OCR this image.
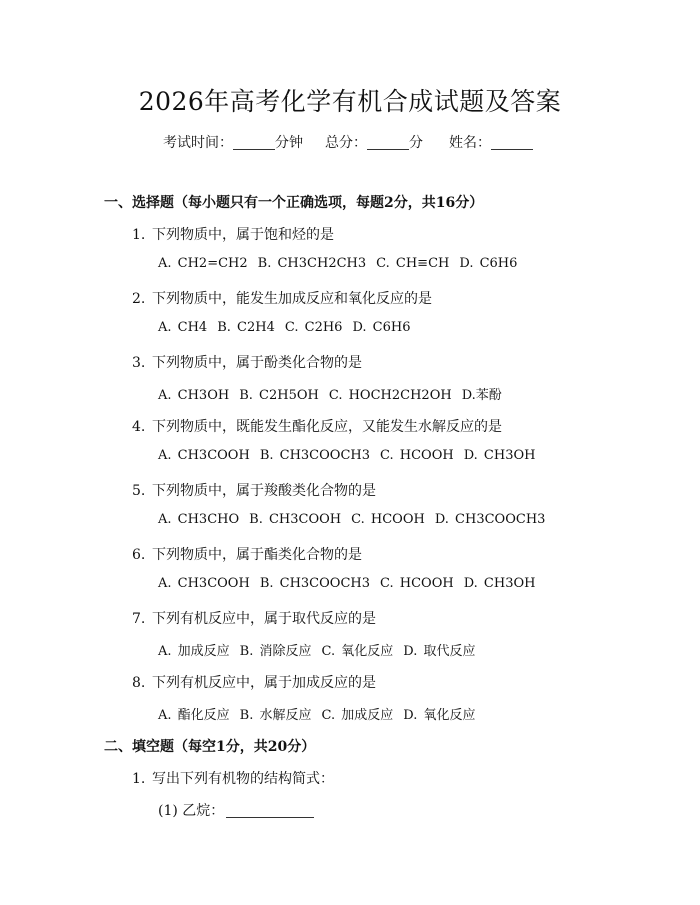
2026年高考化学有机合成试题及答案
考试时间：	分钟 总分：	分 姓名：
一、选择题（每小题只有一个正确选项，每题2分，共16分）
1. 下列物质中，属于饱和烃的是
A. CH2=CH2 B. CH3CH2CH3 C. CH≡CH D. C6H6
2. 下列物质中，能发生加成反应和氧化反应的是
A. CH4 B. C2H4 C. C2H6 D. C6H6
3. 下列物质中，属于酚类化合物的是
A. CH3OH B. C2H5OH C. HOCH2CH2OH D.苯酚
4. 下列物质中，既能发生酯化反应，又能发生水解反应的是
A. CH3COOH B. CH3COOCH3 C. HCOOH D. CH3OH
5. 下列物质中，属于羧酸类化合物的是
A. CH3CHO B. CH3COOH C. HCOOH D. CH3COOCH3
6. 下列物质中，属于酯类化合物的是
A. CH3COOH B. CH3COOCH3 C. HCOOH D. CH3OH
7. 下列有机反应中，属于取代反应的是
A. 加成反应 B. 消除反应 C. 氧化反应 D. 取代反应
8. 下列有机反应中，属于加成反应的是
A. 酯化反应 B. 水解反应 C. 加成反应 D. 氧化反应
二、填空题（每空1分，共20分）
1. 写出下列有机物的结构简式：
(1) 乙烷：
